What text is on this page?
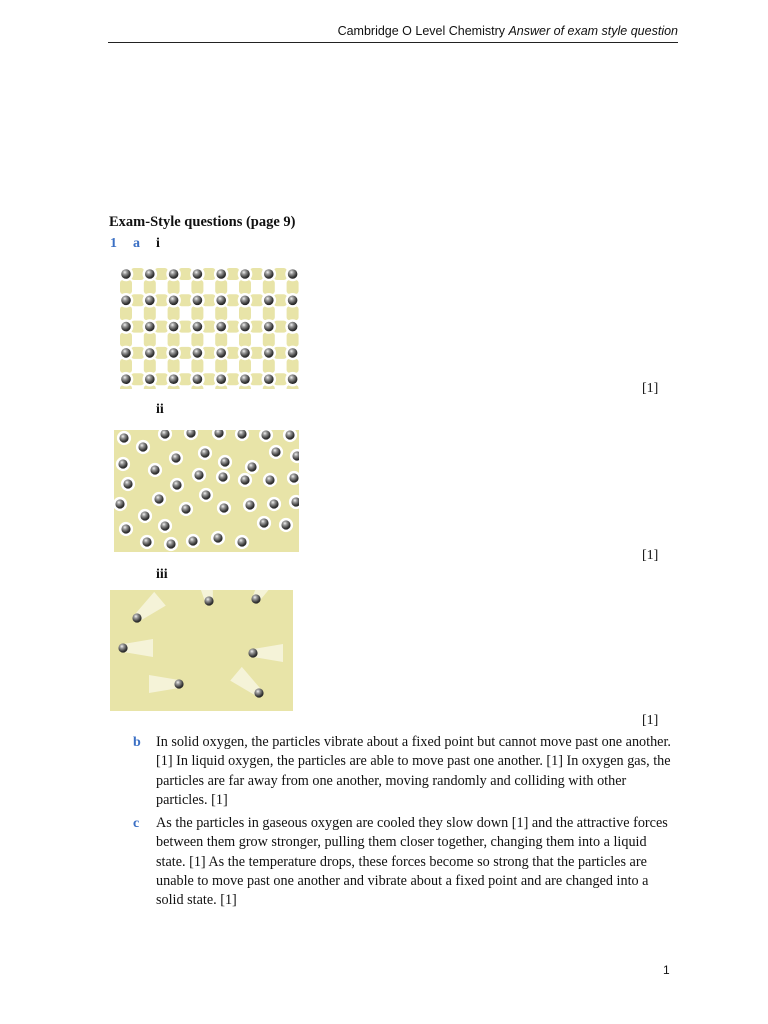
Cambridge O Level Chemistry Answer of exam style question
Exam-Style questions (page 9)
1 a i
[1]
ii
[1]
iii
[1]
b In solid oxygen, the particles vibrate about a fixed point but cannot move past one another. [1] In liquid oxygen, the particles are able to move past one another. [1] In oxygen gas, the particles are far away from one another, moving randomly and colliding with other particles. [1]

c As the particles in gaseous oxygen are cooled they slow down [1] and the attractive forces between them grow stronger, pulling them closer together, changing them into a liquid state. [1] As the temperature drops, these forces become so strong that the particles are unable to move past one another and vibrate about a fixed point and are changed into a solid state. [1]

1
